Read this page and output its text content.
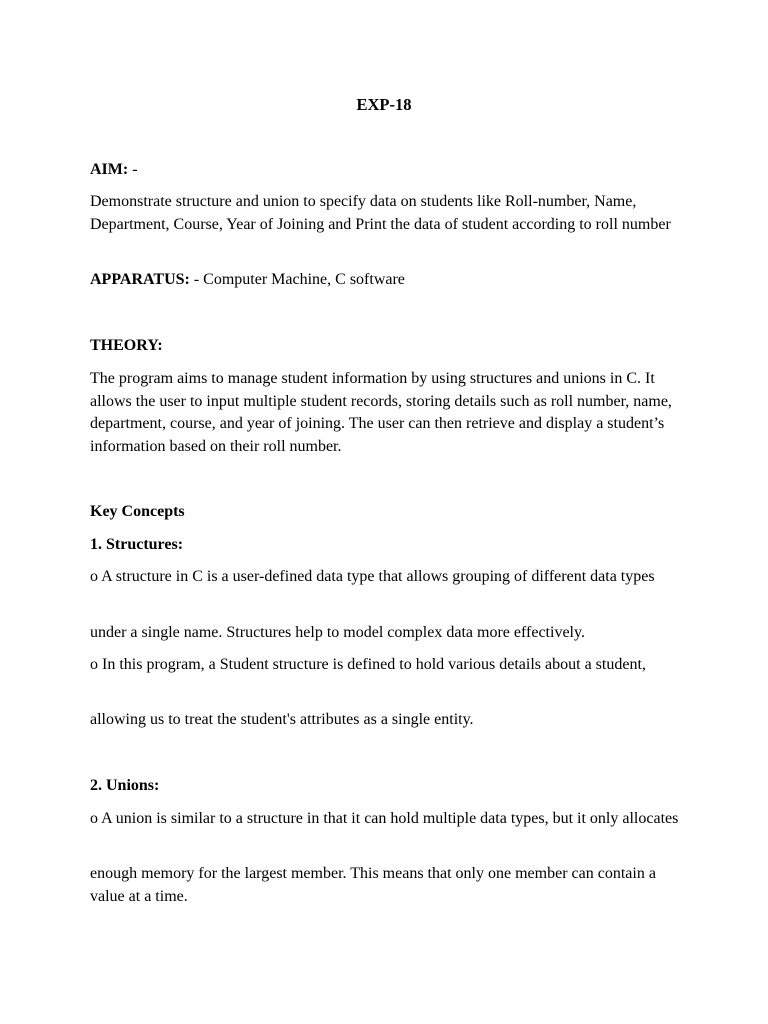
EXP-18
AIM: -
Demonstrate structure and union to specify data on students like Roll-number, Name, Department, Course, Year of Joining and Print the data of student according to roll number
APPARATUS: - Computer Machine, C software
THEORY:
The program aims to manage student information by using structures and unions in C. It allows the user to input multiple student records, storing details such as roll number, name, department, course, and year of joining. The user can then retrieve and display a student’s information based on their roll number.
Key Concepts
1. Structures:
o A structure in C is a user-defined data type that allows grouping of different data types
under a single name. Structures help to model complex data more effectively.
o In this program, a Student structure is defined to hold various details about a student,
allowing us to treat the student's attributes as a single entity.
2. Unions:
o A union is similar to a structure in that it can hold multiple data types, but it only allocates
enough memory for the largest member. This means that only one member can contain a value at a time.
